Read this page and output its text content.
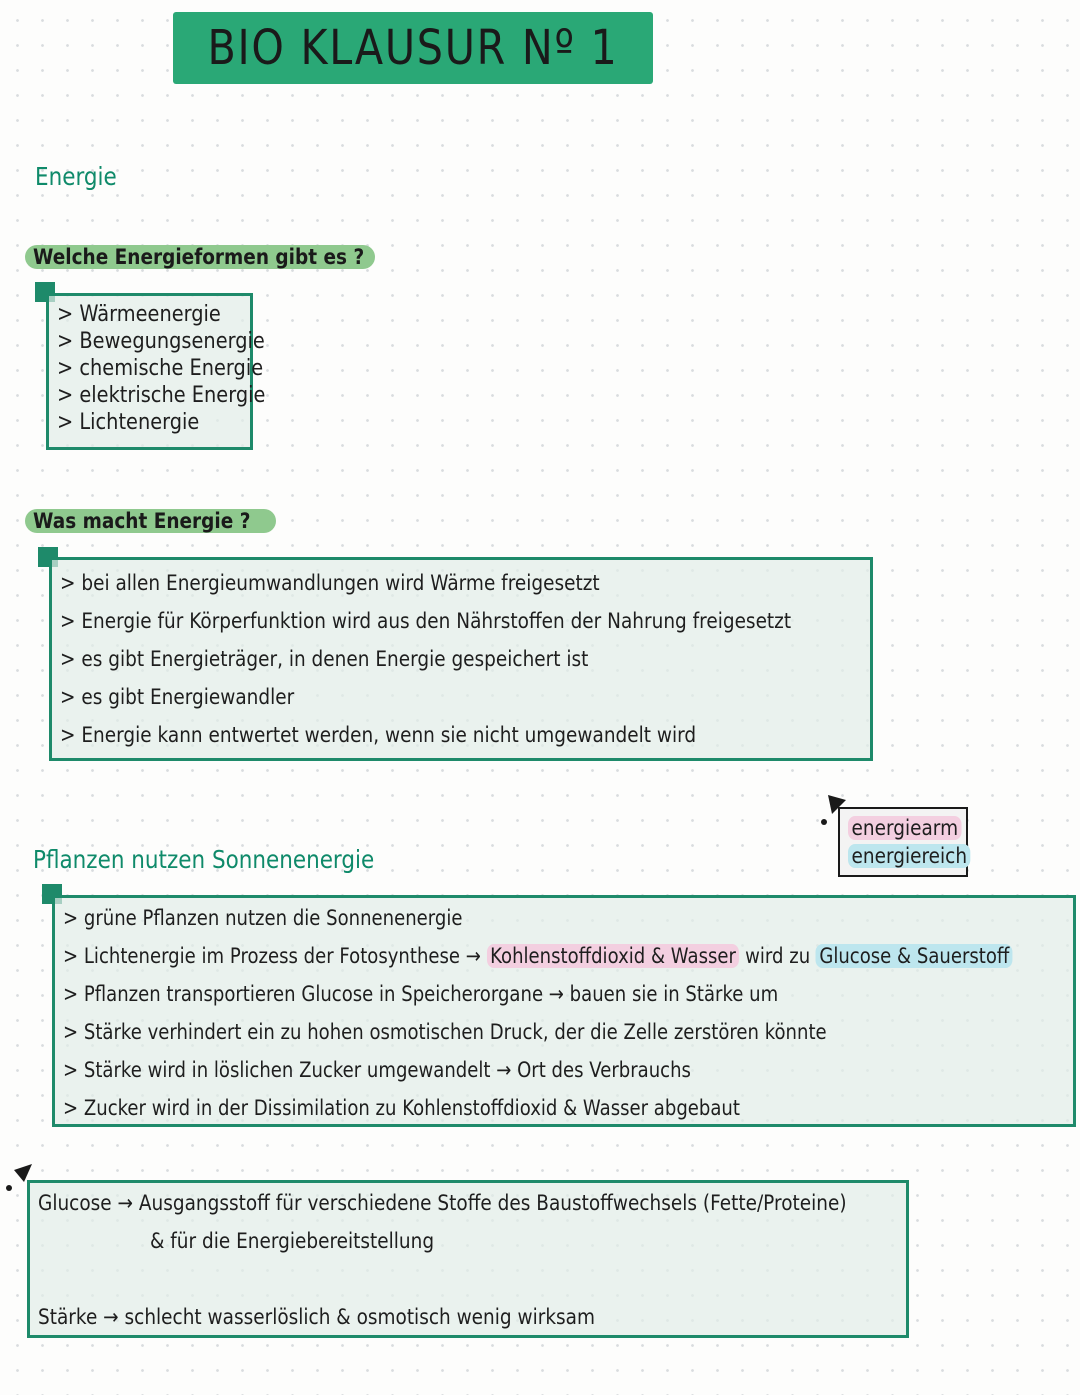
BIO KLAUSUR Nº 1
Energie
Welche Energieformen gibt es ?
> Wärmeenergie
> Bewegungsenergie
> chemische Energie
> elektrische Energie
> Lichtenergie
Was macht Energie ?
> bei allen Energieumwandlungen wird Wärme freigesetzt
> Energie für Körperfunktion wird aus den Nährstoffen der Nahrung freigesetzt
> es gibt Energieträger, in denen Energie gespeichert ist
> es gibt Energiewandler
> Energie kann entwertet werden, wenn sie nicht umgewandelt wird
energiearm
energiereich
Pflanzen nutzen Sonnenenergie
> grüne Pflanzen nutzen die Sonnenenergie
> Lichtenergie im Prozess der Fotosynthese → Kohlenstoffdioxid & Wasser wird zu Glucose & Sauerstoff
> Pflanzen transportieren Glucose in Speicherorgane → bauen sie in Stärke um
> Stärke verhindert ein zu hohen osmotischen Druck, der die Zelle zerstören könnte
> Stärke wird in löslichen Zucker umgewandelt → Ort des Verbrauchs
> Zucker wird in der Dissimilation zu Kohlenstoffdioxid & Wasser abgebaut
Glucose → Ausgangsstoff für verschiedene Stoffe des Baustoffwechsels (Fette/Proteine)
& für die Energiebereitstellung
Stärke → schlecht wasserlöslich & osmotisch wenig wirksam
